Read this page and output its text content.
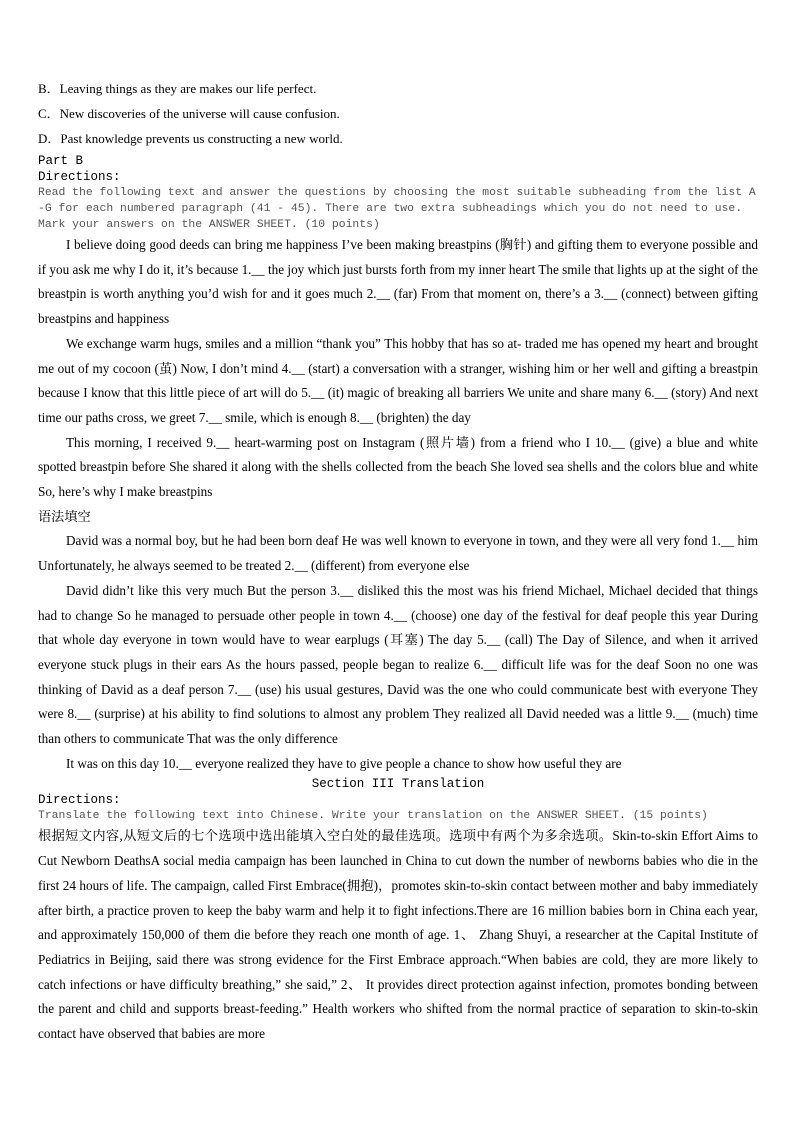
B．Leaving things as they are makes our life perfect.

C．New discoveries of the universe will cause confusion.

D．Past knowledge prevents us constructing a new world.

Part B

Directions:

Read the following text and answer the questions by choosing the most suitable subheading from the list A -G for each numbered paragraph (41 - 45). There are two extra subheadings which you do not need to use. Mark your answers on the ANSWER SHEET. (10 points)

I believe doing good deeds can bring me happiness I’ve been making breastpins (胸针) and gifting them to everyone possible and if you ask me why I do it, it’s because 1.__ the joy which just bursts forth from my inner heart The smile that lights up at the sight of the breastpin is worth anything you’d wish for and it goes much 2.__ (far) From that moment on, there’s a 3.__ (connect) between gifting breastpins and happiness

We exchange warm hugs, smiles and a million “thank you” This hobby that has so at- traded me has opened my heart and brought me out of my cocoon (茧) Now, I don’t mind 4.__ (start) a conversation with a stranger, wishing him or her well and gifting a breastpin because I know that this little piece of art will do 5.__ (it) magic of breaking all barriers We unite and share many 6.__ (story) And next time our paths cross, we greet 7.__ smile, which is enough 8.__ (brighten) the day

This morning, I received 9.__ heart-warming post on Instagram (照片墙) from a friend who I 10.__ (give) a blue and white spotted breastpin before She shared it along with the shells collected from the beach She loved sea shells and the colors blue and white So, here’s why I make breastpins

语法填空

David was a normal boy, but he had been born deaf He was well known to everyone in town, and they were all very fond 1.__ him Unfortunately, he always seemed to be treated 2.__ (different) from everyone else

David didn’t like this very much But the person 3.__ disliked this the most was his friend Michael, Michael decided that things had to change So he managed to persuade other people in town 4.__ (choose) one day of the festival for deaf people this year During that whole day everyone in town would have to wear earplugs (耳塞) The day 5.__ (call) The Day of Silence, and when it arrived everyone stuck plugs in their ears As the hours passed, people began to realize 6.__ difficult life was for the deaf Soon no one was thinking of David as a deaf person 7.__ (use) his usual gestures, David was the one who could communicate best with everyone They were 8.__ (surprise) at his ability to find solutions to almost any problem They realized all David needed was a little 9.__ (much) time than others to communicate That was the only difference

It was on this day 10.__ everyone realized they have to give people a chance to show how useful they are

Section III Translation

Directions:

Translate the following text into Chinese. Write your translation on the ANSWER SHEET. (15 points)

根据短文内容,从短文后的七个选项中选出能填入空白处的最佳选项。选项中有两个为多余选项。Skin-to-skin Effort Aims to Cut Newborn DeathsA social media campaign has been launched in China to cut down the number of newborns babies who die in the first 24 hours of life. The campaign, called First Embrace(拥抱)，promotes skin-to-skin contact between mother and baby immediately after birth, a practice proven to keep the baby warm and help it to fight infections.There are 16 million babies born in China each year, and approximately 150,000 of them die before they reach one month of age. 1、 Zhang Shuyi, a researcher at the Capital Institute of Pediatrics in Beijing, said there was strong evidence for the First Embrace approach.“When babies are cold, they are more likely to catch infections or have difficulty breathing,” she said,” 2、 It provides direct protection against infection, promotes bonding between the parent and child and supports breast-feeding.” Health workers who shifted from the normal practice of separation to skin-to-skin contact have observed that babies are more
